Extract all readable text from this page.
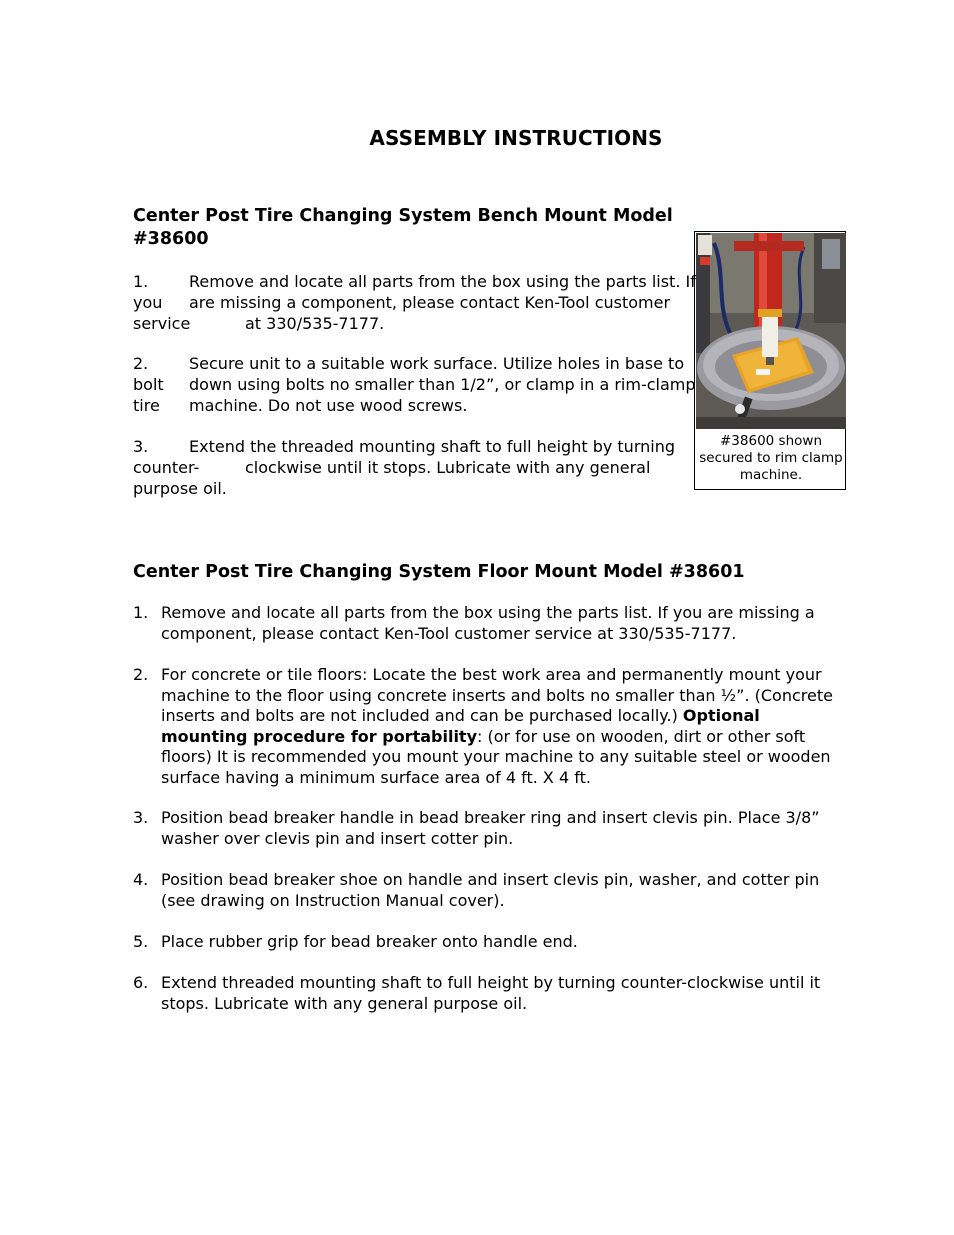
ASSEMBLY INSTRUCTIONS
Center Post Tire Changing System Bench Mount Model
#38600
1.	Remove and locate all parts from the box using the parts list. If
you are missing a component, please contact Ken-Tool customer
service	at 330/535-7177.
2.	Secure unit to a suitable work surface. Utilize holes in base to
bolt down using bolts no smaller than 1/2”, or clamp in a rim-clamp
tire machine. Do not use wood screws.
3.	Extend the threaded mounting shaft to full height by turning
counter-	clockwise until it stops. Lubricate with any general
purpose oil.
#38600 shown secured to rim clamp machine.
Center Post Tire Changing System Floor Mount Model #38601
1. Remove and locate all parts from the box using the parts list. If you are missing a component, please contact Ken-Tool customer service at 330/535-7177.
2. For concrete or tile floors: Locate the best work area and permanently mount your machine to the floor using concrete inserts and bolts no smaller than ½”. (Concrete inserts and bolts are not included and can be purchased locally.) Optional mounting procedure for portability: (or for use on wooden, dirt or other soft floors) It is recommended you mount your machine to any suitable steel or wooden surface having a minimum surface area of 4 ft. X 4 ft.
3. Position bead breaker handle in bead breaker ring and insert clevis pin. Place 3/8” washer over clevis pin and insert cotter pin.
4. Position bead breaker shoe on handle and insert clevis pin, washer, and cotter pin (see drawing on Instruction Manual cover).
5. Place rubber grip for bead breaker onto handle end.
6. Extend threaded mounting shaft to full height by turning counter-clockwise until it stops. Lubricate with any general purpose oil.
